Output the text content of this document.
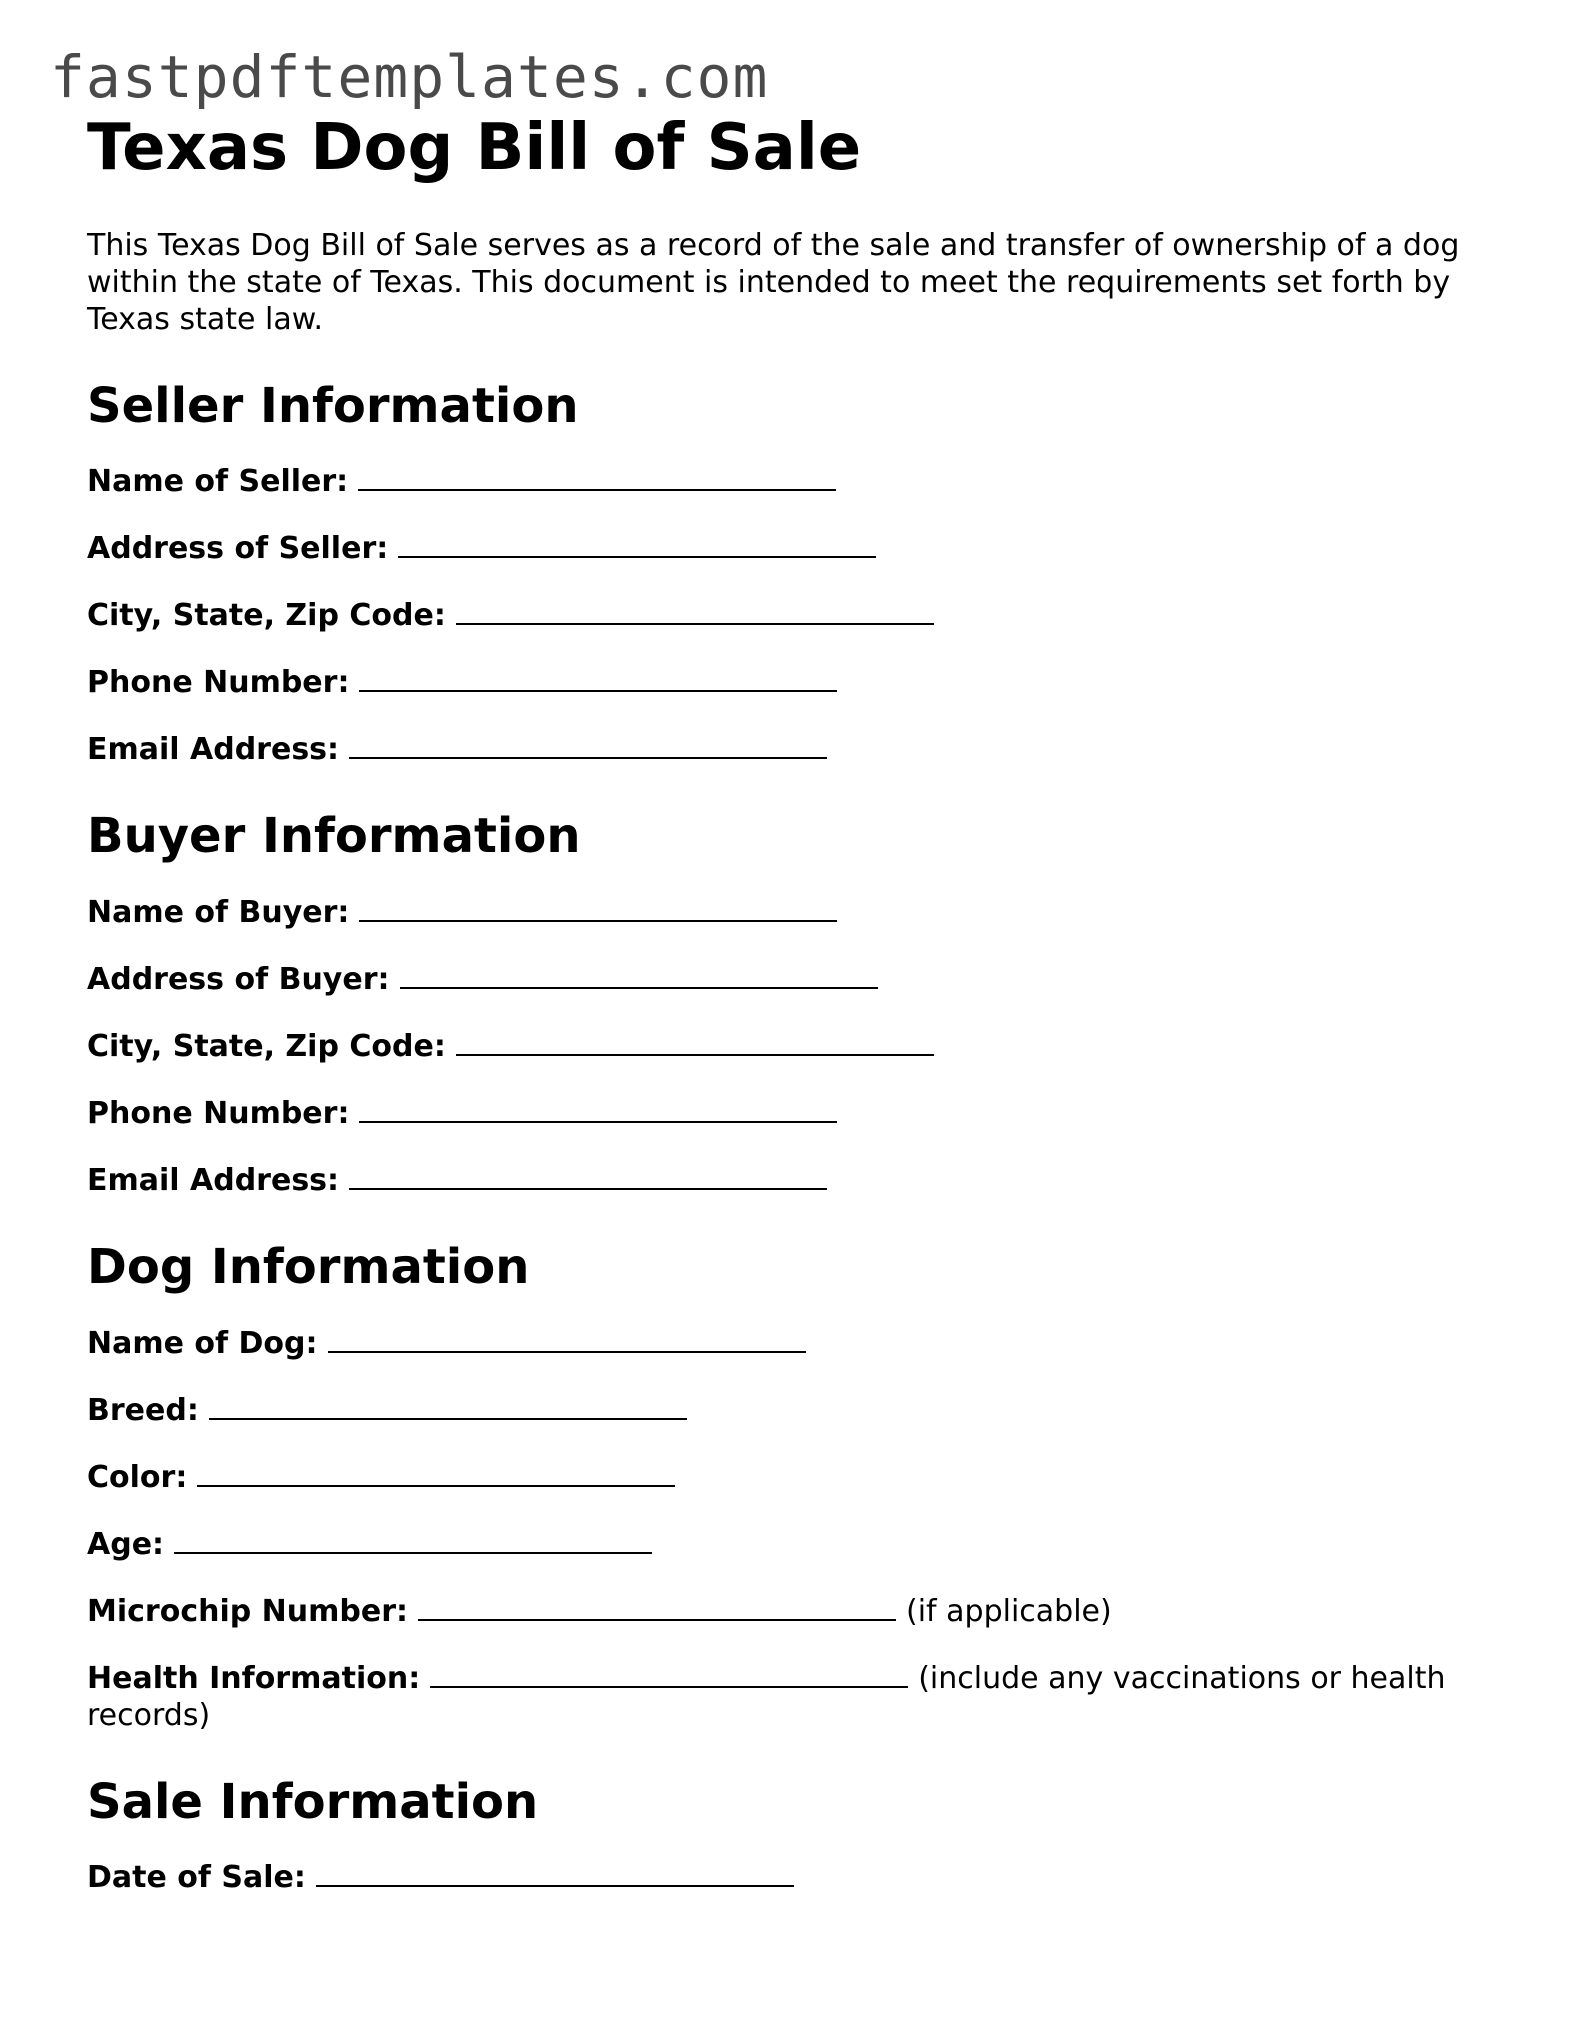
fastpdftemplates.com
Texas Dog Bill of Sale

This Texas Dog Bill of Sale serves as a record of the sale and transfer of ownership of a dog within the state of Texas. This document is intended to meet the requirements set forth by Texas state law.

Seller Information
Name of Seller:
Address of Seller:
City, State, Zip Code:
Phone Number:
Email Address:
Buyer Information
Name of Buyer:
Address of Buyer:
City, State, Zip Code:
Phone Number:
Email Address:
Dog Information
Name of Dog:
Breed:
Color:
Age:
Microchip Number:	(if applicable)
Health Information:	(include any vaccinations or health records)
Sale Information
Date of Sale:
